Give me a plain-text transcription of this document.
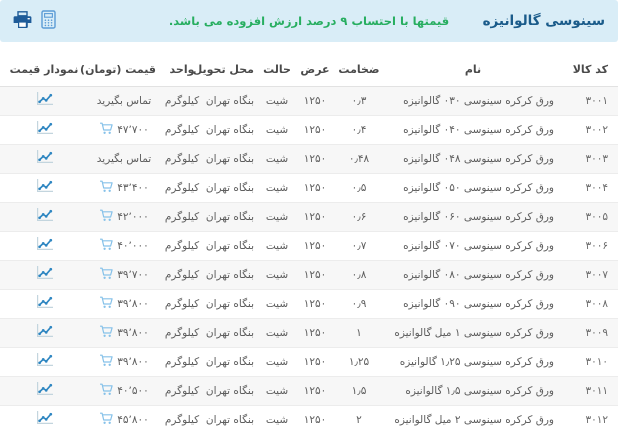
سینوسی گالوانیزه
قیمتها با احتساب ۹ درصد ارزش افزوده می باشد.
کد کالا	نام	ضخامت	عرض	حالت	محل تحویل	واحد	قیمت (تومان)	نمودار قیمت
۳۰۰۱	ورق کرکره سینوسی ۰۳۰ گالوانیزه	۰٫۳	۱۲۵۰	شیت	بنگاه تهران	کیلوگرم	تماس بگیرید

۳۰۰۲	ورق کرکره سینوسی ۰۴۰ گالوانیزه	۰٫۴	۱۲۵۰	شیت	بنگاه تهران	کیلوگرم	۴۷٬۷۰۰

۳۰۰۳	ورق کرکره سینوسی ۰۴۸ گالوانیزه	۰٫۴۸	۱۲۵۰	شیت	بنگاه تهران	کیلوگرم	تماس بگیرید

۳۰۰۴	ورق کرکره سینوسی ۰۵۰ گالوانیزه	۰٫۵	۱۲۵۰	شیت	بنگاه تهران	کیلوگرم	۴۳٬۴۰۰

۳۰۰۵	ورق کرکره سینوسی ۰۶۰ گالوانیزه	۰٫۶	۱۲۵۰	شیت	بنگاه تهران	کیلوگرم	۴۲٬۰۰۰

۳۰۰۶	ورق کرکره سینوسی ۰۷۰ گالوانیزه	۰٫۷	۱۲۵۰	شیت	بنگاه تهران	کیلوگرم	۴۰٬۰۰۰

۳۰۰۷	ورق کرکره سینوسی ۰۸۰ گالوانیزه	۰٫۸	۱۲۵۰	شیت	بنگاه تهران	کیلوگرم	۳۹٬۷۰۰

۳۰۰۸	ورق کرکره سینوسی ۰۹۰ گالوانیزه	۰٫۹	۱۲۵۰	شیت	بنگاه تهران	کیلوگرم	۳۹٬۸۰۰

۳۰۰۹	ورق کرکره سینوسی ۱ میل گالوانیزه	۱	۱۲۵۰	شیت	بنگاه تهران	کیلوگرم	۳۹٬۸۰۰

۳۰۱۰	ورق کرکره سینوسی ۱٫۲۵ گالوانیزه	۱٫۲۵	۱۲۵۰	شیت	بنگاه تهران	کیلوگرم	۳۹٬۸۰۰

۳۰۱۱	ورق کرکره سینوسی ۱٫۵ گالوانیزه	۱٫۵	۱۲۵۰	شیت	بنگاه تهران	کیلوگرم	۴۰٬۵۰۰

۳۰۱۲	ورق کرکره سینوسی ۲ میل گالوانیزه	۲	۱۲۵۰	شیت	بنگاه تهران	کیلوگرم	۴۵٬۸۰۰
